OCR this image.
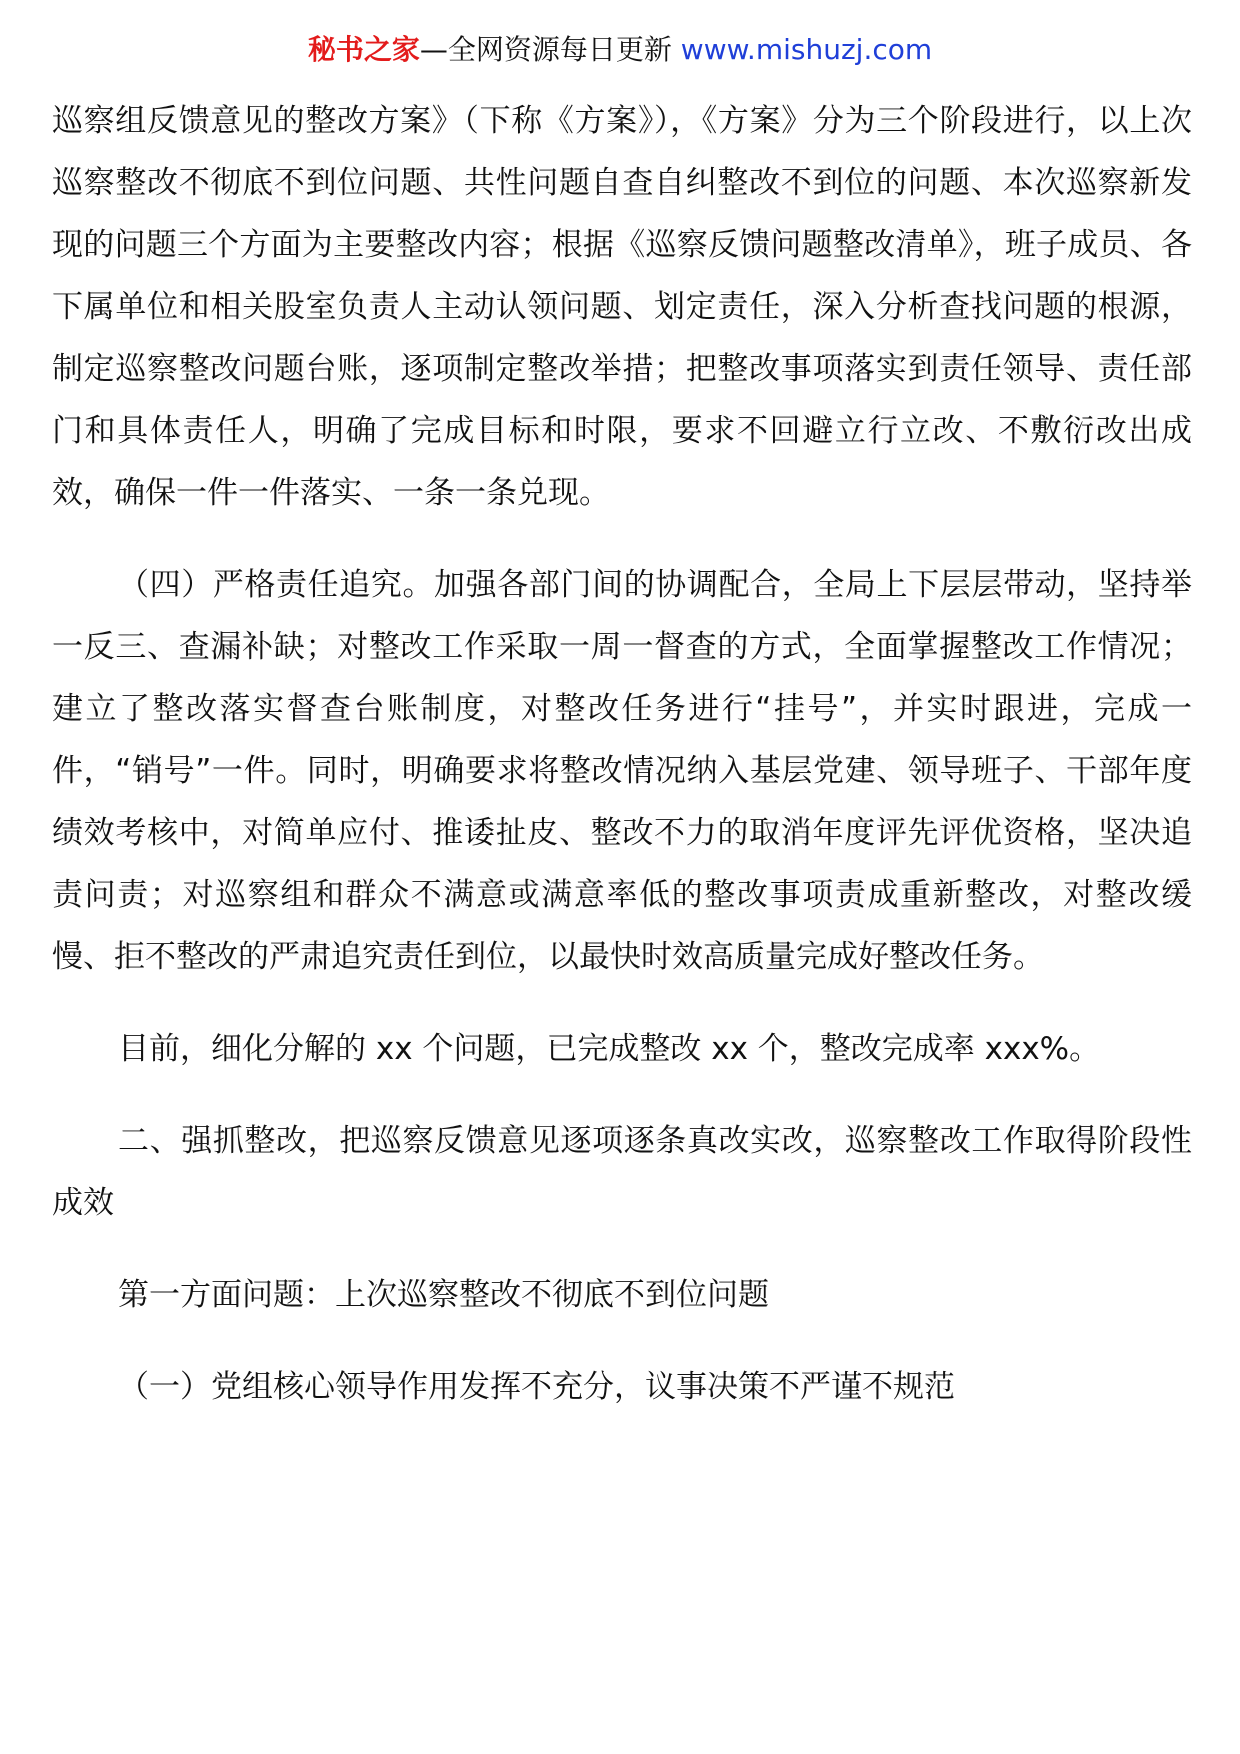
秘书之家—全网资源每日更新 www.mishuzj.com

巡察组反馈意见的整改方案》（下称《方案》），《方案》分为三个阶段进行，以上次巡察整改不彻底不到位问题、共性问题自查自纠整改不到位的问题、本次巡察新发现的问题三个方面为主要整改内容；根据《巡察反馈问题整改清单》，班子成员、各下属单位和相关股室负责人主动认领问题、划定责任，深入分析查找问题的根源，制定巡察整改问题台账，逐项制定整改举措；把整改事项落实到责任领导、责任部门和具体责任人，明确了完成目标和时限，要求不回避立行立改、不敷衍改出成效，确保一件一件落实、一条一条兑现。

（四）严格责任追究。加强各部门间的协调配合，全局上下层层带动，坚持举一反三、查漏补缺；对整改工作采取一周一督查的方式，全面掌握整改工作情况；建立了整改落实督查台账制度，对整改任务进行“挂号”，并实时跟进，完成一件，“销号”一件。同时，明确要求将整改情况纳入基层党建、领导班子、干部年度绩效考核中，对简单应付、推诿扯皮、整改不力的取消年度评先评优资格，坚决追责问责；对巡察组和群众不满意或满意率低的整改事项责成重新整改，对整改缓慢、拒不整改的严肃追究责任到位，以最快时效高质量完成好整改任务。

目前，细化分解的 xx 个问题，已完成整改 xx 个，整改完成率 xxx%。

二、强抓整改，把巡察反馈意见逐项逐条真改实改，巡察整改工作取得阶段性成效

第一方面问题：上次巡察整改不彻底不到位问题

（一）党组核心领导作用发挥不充分，议事决策不严谨不规范
